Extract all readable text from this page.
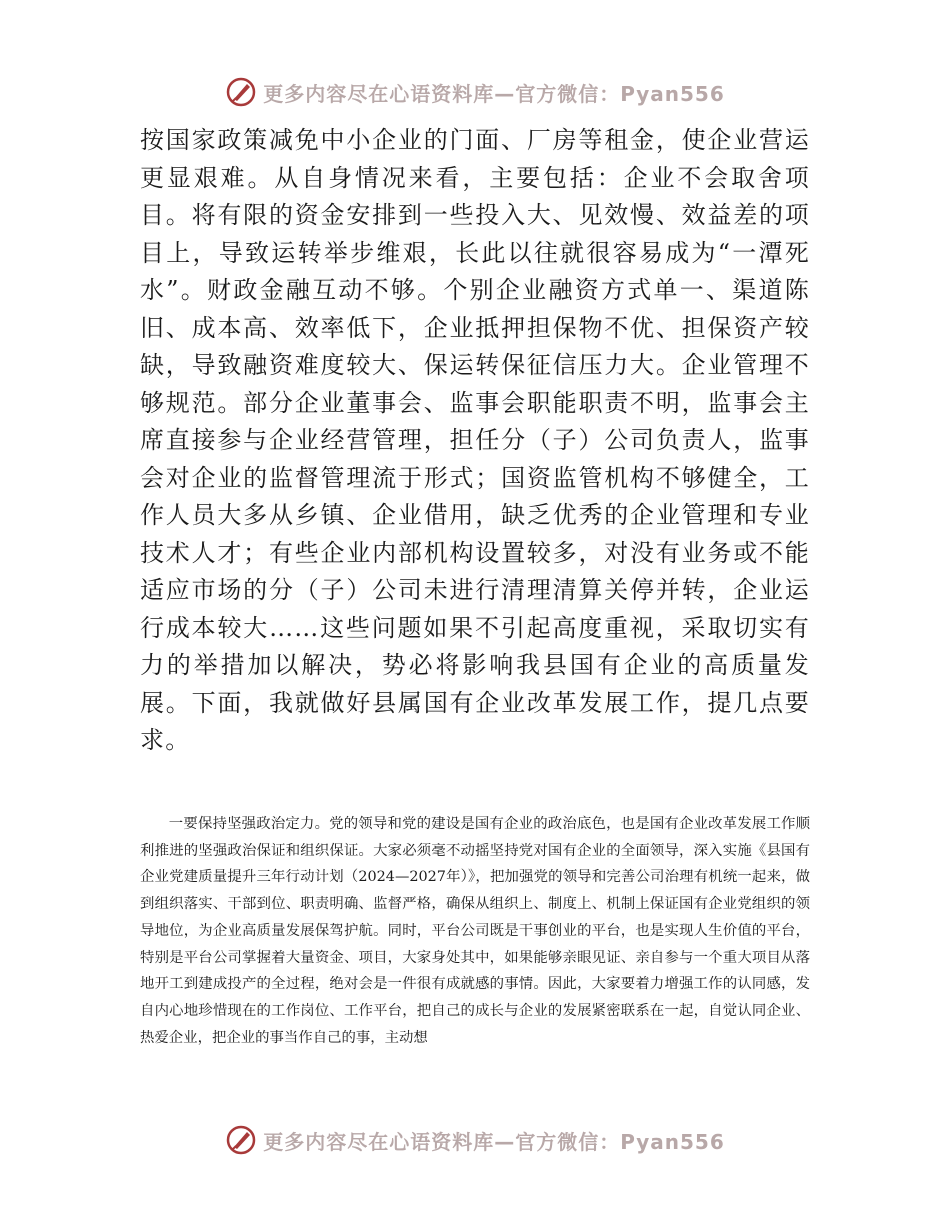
更多内容尽在心语资料库—官方微信：Pyan556

按国家政策减免中小企业的门面、厂房等租金，使企业营运更显艰难。从自身情况来看，主要包括：企业不会取舍项目。将有限的资金安排到一些投入大、见效慢、效益差的项目上，导致运转举步维艰，长此以往就很容易成为“一潭死水”。财政金融互动不够。个别企业融资方式单一、渠道陈旧、成本高、效率低下，企业抵押担保物不优、担保资产较缺，导致融资难度较大、保运转保征信压力大。企业管理不够规范。部分企业董事会、监事会职能职责不明，监事会主席直接参与企业经营管理，担任分（子）公司负责人，监事会对企业的监督管理流于形式；国资监管机构不够健全，工作人员大多从乡镇、企业借用，缺乏优秀的企业管理和专业技术人才；有些企业内部机构设置较多，对没有业务或不能适应市场的分（子）公司未进行清理清算关停并转，企业运行成本较大……这些问题如果不引起高度重视，采取切实有力的举措加以解决，势必将影响我县国有企业的高质量发展。下面，我就做好县属国有企业改革发展工作，提几点要求。

一要保持坚强政治定力。党的领导和党的建设是国有企业的政治底色，也是国有企业改革发展工作顺利推进的坚强政治保证和组织保证。大家必须毫不动摇坚持党对国有企业的全面领导，深入实施《县国有企业党建质量提升三年行动计划（2024—2027年）》，把加强党的领导和完善公司治理有机统一起来，做到组织落实、干部到位、职责明确、监督严格，确保从组织上、制度上、机制上保证国有企业党组织的领导地位，为企业高质量发展保驾护航。同时，平台公司既是干事创业的平台，也是实现人生价值的平台，特别是平台公司掌握着大量资金、项目，大家身处其中，如果能够亲眼见证、亲自参与一个重大项目从落地开工到建成投产的全过程，绝对会是一件很有成就感的事情。因此，大家要着力增强工作的认同感，发自内心地珍惜现在的工作岗位、工作平台，把自己的成长与企业的发展紧密联系在一起，自觉认同企业、热爱企业，把企业的事当作自己的事，主动想

更多内容尽在心语资料库—官方微信：Pyan556
